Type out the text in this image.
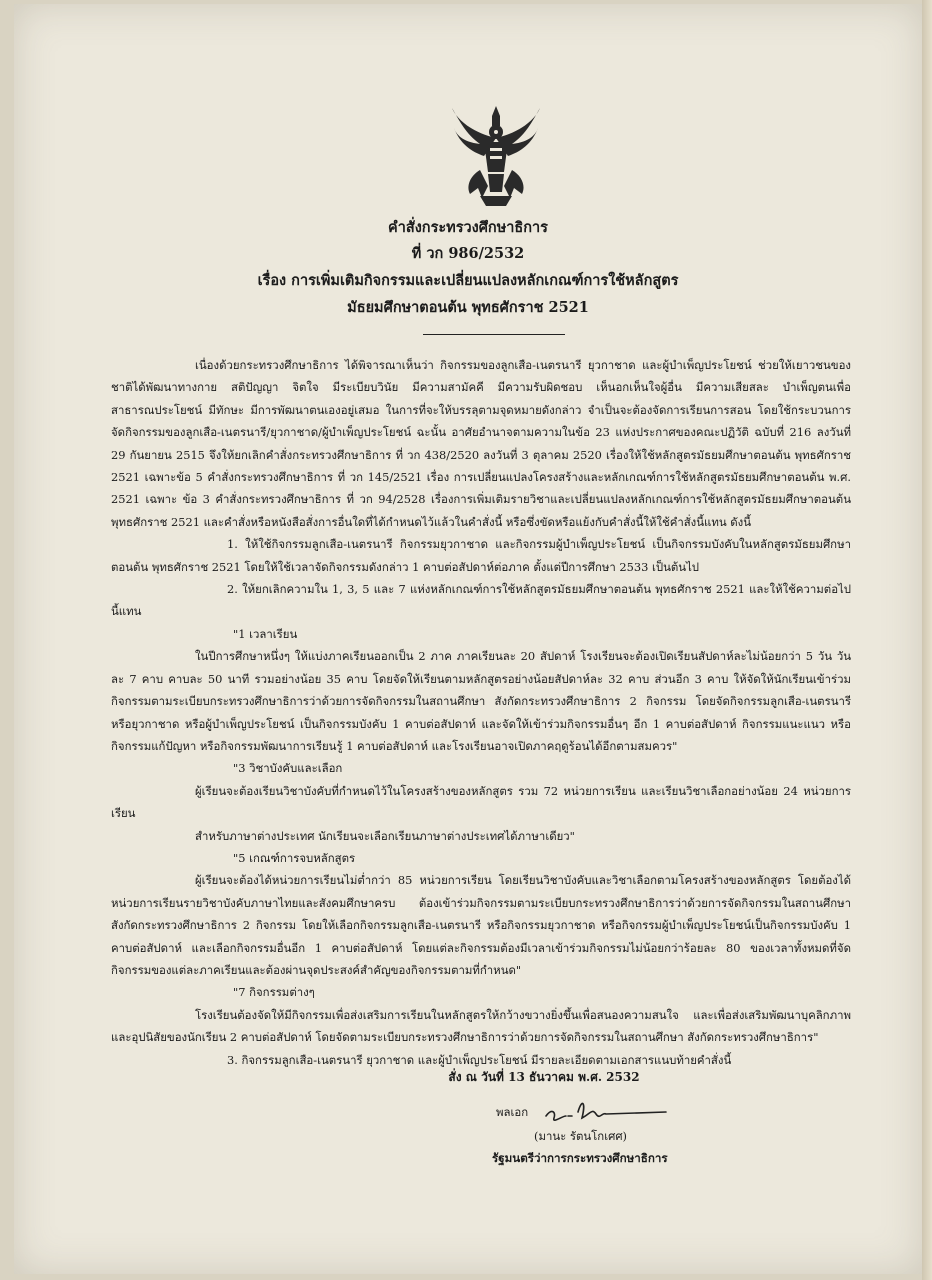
คำสั่งกระทรวงศึกษาธิการ
ที่ วก 986/2532
เรื่อง การเพิ่มเติมกิจกรรมและเปลี่ยนแปลงหลักเกณฑ์การใช้หลักสูตร
มัธยมศึกษาตอนต้น พุทธศักราช 2521

เนื่องด้วยกระทรวงศึกษาธิการ ได้พิจารณาเห็นว่า กิจกรรมของลูกเสือ-เนตรนารี ยุวกาชาด และผู้บำเพ็ญประโยชน์ ช่วยให้เยาวชนของชาติได้พัฒนาทางกาย สติปัญญา จิตใจ มีระเบียบวินัย มีความสามัคคี มีความรับผิดชอบ เห็นอกเห็นใจผู้อื่น มีความเสียสละ บำเพ็ญตนเพื่อสาธารณประโยชน์ มีทักษะ มีการพัฒนาตนเองอยู่เสมอ ในการที่จะให้บรรลุตามจุดหมายดังกล่าว จำเป็นจะต้องจัดการเรียนการสอน โดยใช้กระบวนการจัดกิจกรรมของลูกเสือ-เนตรนารี/ยุวกาชาด/ผู้บำเพ็ญประโยชน์ ฉะนั้น อาศัยอำนาจตามความในข้อ 23 แห่งประกาศของคณะปฏิวัติ ฉบับที่ 216 ลงวันที่ 29 กันยายน 2515 จึงให้ยกเลิกคำสั่งกระทรวงศึกษาธิการ ที่ วก 438/2520 ลงวันที่ 3 ตุลาคม 2520 เรื่องให้ใช้หลักสูตรมัธยมศึกษาตอนต้น พุทธศักราช 2521 เฉพาะข้อ 5 คำสั่งกระทรวงศึกษาธิการ ที่ วก 145/2521 เรื่อง การเปลี่ยนแปลงโครงสร้างและหลักเกณฑ์การใช้หลักสูตรมัธยมศึกษาตอนต้น พ.ศ. 2521 เฉพาะ ข้อ 3 คำสั่งกระทรวงศึกษาธิการ ที่ วก 94/2528 เรื่องการเพิ่มเติมรายวิชาและเปลี่ยนแปลงหลักเกณฑ์การใช้หลักสูตรมัธยมศึกษาตอนต้น พุทธศักราช 2521 และคำสั่งหรือหนังสือสั่งการอื่นใดที่ได้กำหนดไว้แล้วในคำสั่งนี้ หรือซึ่งขัดหรือแย้งกับคำสั่งนี้ให้ใช้คำสั่งนี้แทน ดังนี้

1. ให้ใช้กิจกรรมลูกเสือ-เนตรนารี กิจกรรมยุวกาชาด และกิจกรรมผู้บำเพ็ญประโยชน์ เป็นกิจกรรมบังคับในหลักสูตรมัธยมศึกษาตอนต้น พุทธศักราช 2521 โดยให้ใช้เวลาจัดกิจกรรมดังกล่าว 1 คาบต่อสัปดาห์ต่อภาค ตั้งแต่ปีการศึกษา 2533 เป็นต้นไป

2. ให้ยกเลิกความใน 1, 3, 5 และ 7 แห่งหลักเกณฑ์การใช้หลักสูตรมัธยมศึกษาตอนต้น พุทธศักราช 2521 และให้ใช้ความต่อไปนี้แทน

"1 เวลาเรียน

ในปีการศึกษาหนึ่งๆ ให้แบ่งภาคเรียนออกเป็น 2 ภาค ภาคเรียนละ 20 สัปดาห์ โรงเรียนจะต้องเปิดเรียนสัปดาห์ละไม่น้อยกว่า 5 วัน วันละ 7 คาบ คาบละ 50 นาที รวมอย่างน้อย 35 คาบ โดยจัดให้เรียนตามหลักสูตรอย่างน้อยสัปดาห์ละ 32 คาบ ส่วนอีก 3 คาบ ให้จัดให้นักเรียนเข้าร่วมกิจกรรมตามระเบียบกระทรวงศึกษาธิการว่าด้วยการจัดกิจกรรมในสถานศึกษา สังกัดกระทรวงศึกษาธิการ 2 กิจกรรม โดยจัดกิจกรรมลูกเสือ-เนตรนารี หรือยุวกาชาด หรือผู้บำเพ็ญประโยชน์ เป็นกิจกรรมบังคับ 1 คาบต่อสัปดาห์ และจัดให้เข้าร่วมกิจกรรมอื่นๆ อีก 1 คาบต่อสัปดาห์ กิจกรรมแนะแนว หรือกิจกรรมแก้ปัญหา หรือกิจกรรมพัฒนาการเรียนรู้ 1 คาบต่อสัปดาห์ และโรงเรียนอาจเปิดภาคฤดูร้อนได้อีกตามสมควร"

"3 วิชาบังคับและเลือก

ผู้เรียนจะต้องเรียนวิชาบังคับที่กำหนดไว้ในโครงสร้างของหลักสูตร รวม 72 หน่วยการเรียน และเรียนวิชาเลือกอย่างน้อย 24 หน่วยการเรียน

สำหรับภาษาต่างประเทศ นักเรียนจะเลือกเรียนภาษาต่างประเทศได้ภาษาเดียว"

"5 เกณฑ์การจบหลักสูตร

ผู้เรียนจะต้องได้หน่วยการเรียนไม่ต่ำกว่า 85 หน่วยการเรียน โดยเรียนวิชาบังคับและวิชาเลือกตามโครงสร้างของหลักสูตร โดยต้องได้หน่วยการเรียนรายวิชาบังคับภาษาไทยและสังคมศึกษาครบ ต้องเข้าร่วมกิจกรรมตามระเบียบกระทรวงศึกษาธิการว่าด้วยการจัดกิจกรรมในสถานศึกษา สังกัดกระทรวงศึกษาธิการ 2 กิจกรรม โดยให้เลือกกิจกรรมลูกเสือ-เนตรนารี หรือกิจกรรมยุวกาชาด หรือกิจกรรมผู้บำเพ็ญประโยชน์เป็นกิจกรรมบังคับ 1 คาบต่อสัปดาห์ และเลือกกิจกรรมอื่นอีก 1 คาบต่อสัปดาห์ โดยแต่ละกิจกรรมต้องมีเวลาเข้าร่วมกิจกรรมไม่น้อยกว่าร้อยละ 80 ของเวลาทั้งหมดที่จัดกิจกรรมของแต่ละภาคเรียนและต้องผ่านจุดประสงค์สำคัญของกิจกรรมตามที่กำหนด"

"7 กิจกรรมต่างๆ

โรงเรียนต้องจัดให้มีกิจกรรมเพื่อส่งเสริมการเรียนในหลักสูตรให้กว้างขวางยิ่งขึ้นเพื่อสนองความสนใจ และเพื่อส่งเสริมพัฒนาบุคลิกภาพและอุปนิสัยของนักเรียน 2 คาบต่อสัปดาห์ โดยจัดตามระเบียบกระทรวงศึกษาธิการว่าด้วยการจัดกิจกรรมในสถานศึกษา สังกัดกระทรวงศึกษาธิการ"

3. กิจกรรมลูกเสือ-เนตรนารี ยุวกาชาด และผู้บำเพ็ญประโยชน์ มีรายละเอียดตามเอกสารแนบท้ายคำสั่งนี้

สั่ง ณ วันที่ 13 ธันวาคม พ.ศ. 2532
พลเอก
(มานะ รัตนโกเศศ)
รัฐมนตรีว่าการกระทรวงศึกษาธิการ
